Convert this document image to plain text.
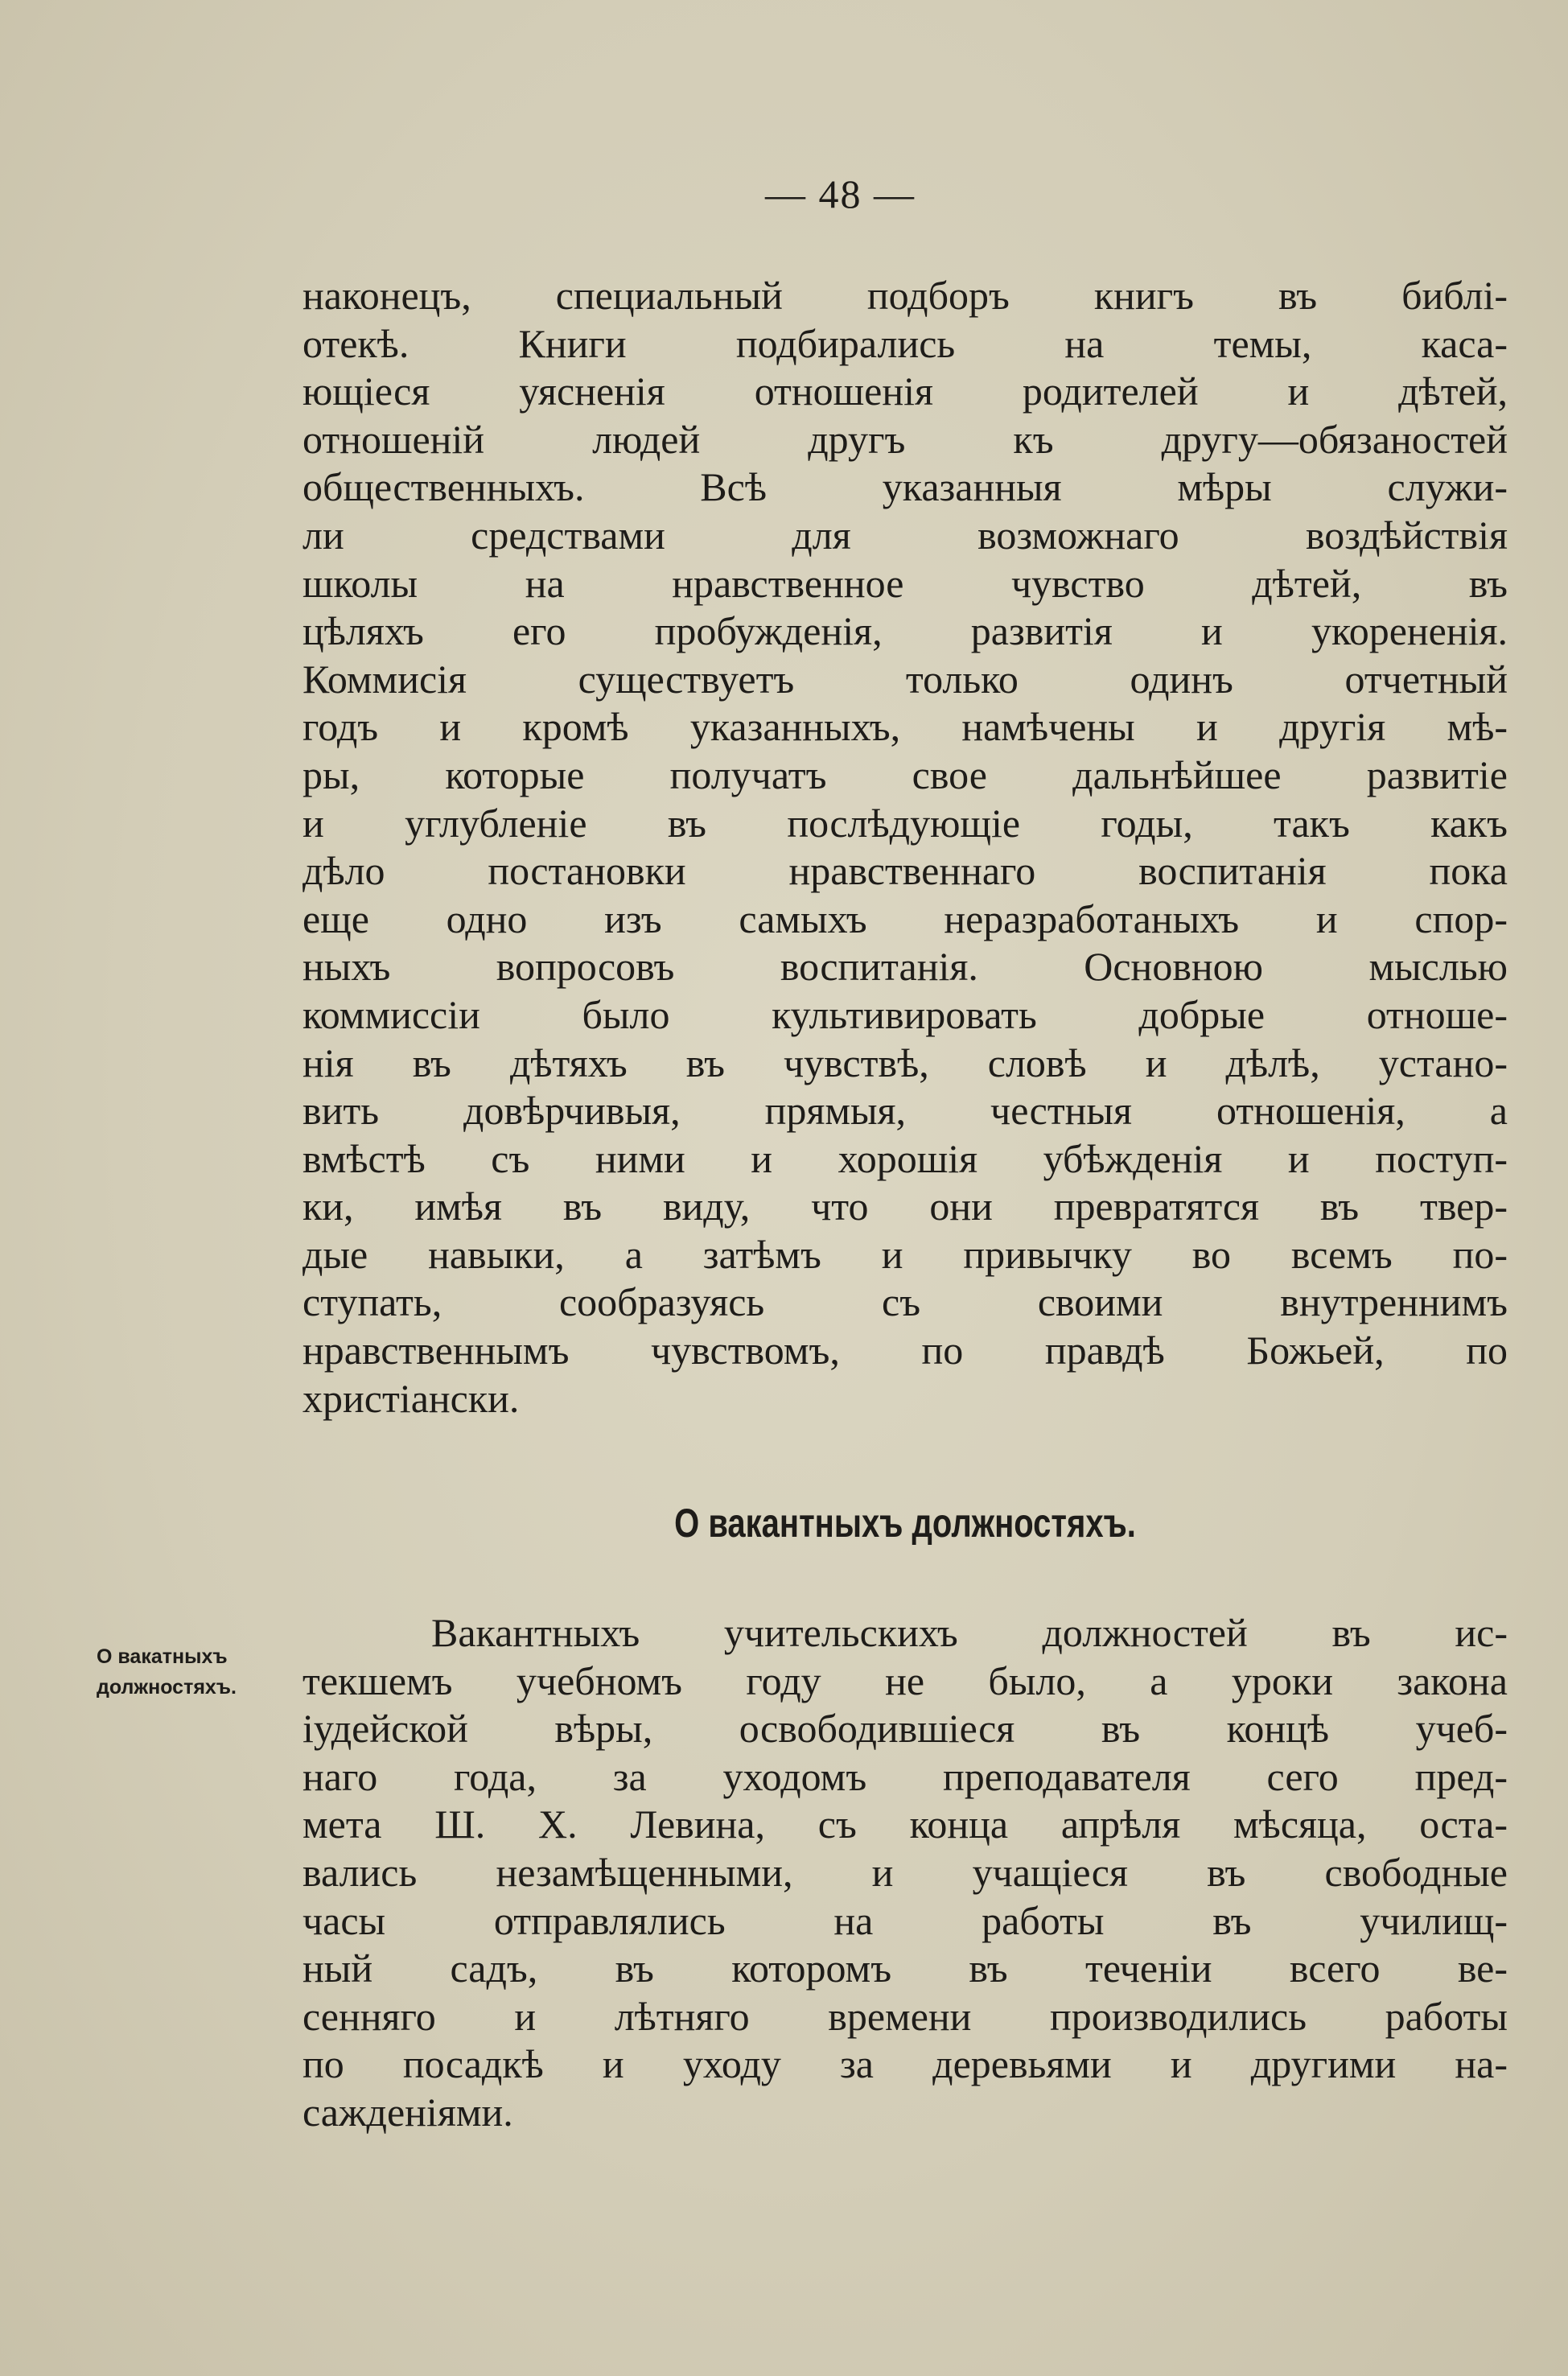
— 48 —

наконецъ, специальный подборъ книгъ въ библі-
отекѣ. Книги подбирались на темы, каса-
ющіеся уясненія отношенія родителей и дѣтей,
отношеній людей другъ къ другу—обязаностей
общественныхъ. Всѣ указанныя мѣры служи-
ли средствами для возможнаго воздѣйствія
школы на нравственное чувство дѣтей, въ
цѣляхъ его пробужденія, развитія и укорененія.
Коммисія существуетъ только одинъ отчетный
годъ и кромѣ указанныхъ, намѣчены и другія мѣ-
ры, которые получатъ свое дальнѣйшее развитіе
и углубленіе въ послѣдующіе годы, такъ какъ
дѣло постановки нравственнаго воспитанія пока
еще одно изъ самыхъ неразработаныхъ и спор-
ныхъ вопросовъ воспитанія. Основною мыслью
коммиссіи было культивировать добрые отноше-
нія въ дѣтяхъ въ чувствѣ, словѣ и дѣлѣ, устано-
вить довѣрчивыя, прямыя, честныя отношенія, а
вмѣстѣ съ ними и хорошія убѣжденія и поступ-
ки, имѣя въ виду, что они превратятся въ твер-
дые навыки, а затѣмъ и привычку во всемъ по-
ступать, сообразуясь съ своими внутреннимъ
нравственнымъ чувствомъ, по правдѣ Божьей, по
христіански.

О вакантныхъ должностяхъ.
О вакатныхъ
должностяхъ.

Вакантныхъ учительскихъ должностей въ ис-
текшемъ учебномъ году не было, а уроки закона
іудейской вѣры, освободившіеся въ концѣ учеб-
наго года, за уходомъ преподавателя сего пред-
мета Ш. Х. Левина, съ конца апрѣля мѣсяца, оста-
вались незамѣщенными, и учащіеся въ свободные
часы отправлялись на работы въ училищ-
ный садъ, въ которомъ въ теченіи всего ве-
сенняго и лѣтняго времени производились работы
по посадкѣ и уходу за деревьями и другими на-
сажденіями.
